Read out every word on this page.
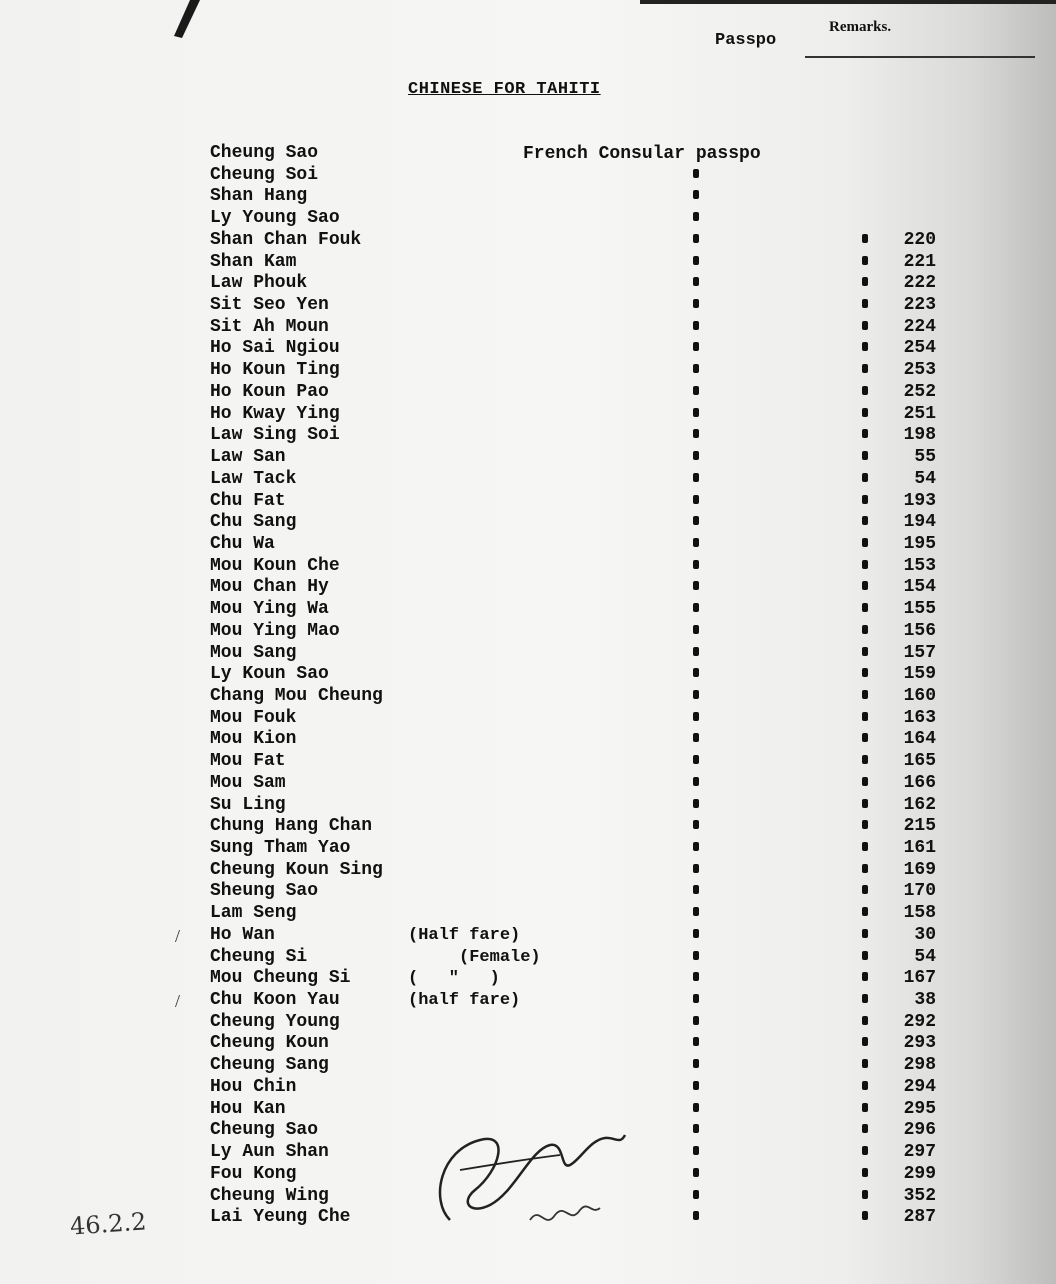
Remarks.
Passpo
CHINESE FOR TAHITI
French Consular passpo
Cheung Sao
Cheung Soi
Shan Hang
Ly Young Sao
Shan Chan Fouk	220
Shan Kam	221
Law Phouk	222
Sit Seo Yen	223
Sit Ah Moun	224
Ho Sai Ngiou	254
Ho Koun Ting	253
Ho Koun Pao	252
Ho Kway Ying	251
Law Sing Soi	198
Law San	55
Law Tack	54
Chu Fat	193
Chu Sang	194
Chu Wa	195
Mou Koun Che	153
Mou Chan Hy	154
Mou Ying Wa	155
Mou Ying Mao	156
Mou Sang	157
Ly Koun Sao	159
Chang Mou Cheung	160
Mou Fouk	163
Mou Kion	164
Mou Fat	165
Mou Sam	166
Su Ling	162
Chung Hang Chan	215
Sung Tham Yao	161
Cheung Koun Sing	169
Sheung Sao	170
Lam Seng	158
/ Ho Wan	(Half fare)	30
Cheung Si	(Female)	54
Mou Cheung Si	(   "   )	167
/ Chu Koon Yau	(half fare)	38
Cheung Young	292
Cheung Koun	293
Cheung Sang	298
Hou Chin	294
Hou Kan	295
Cheung Sao	296
Ly Aun Shan	297
Fou Kong	299
Cheung Wing	352
Lai Yeung Che	287
46.2.2
